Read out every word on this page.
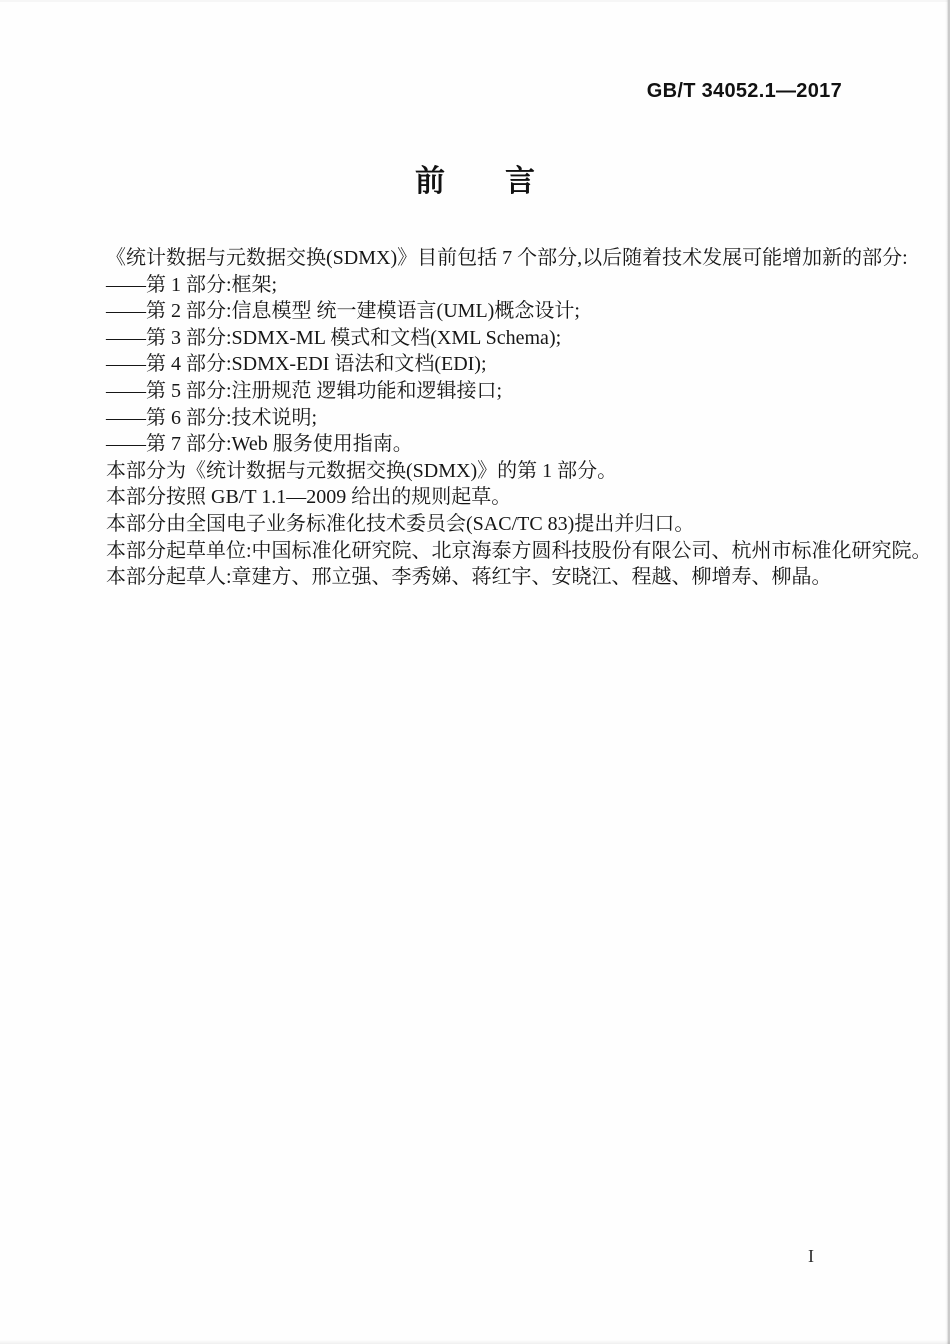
GB/T 34052.1—2017
前　　言

《统计数据与元数据交换(SDMX)》目前包括 7 个部分,以后随着技术发展可能增加新的部分:

——第 1 部分:框架;

——第 2 部分:信息模型 统一建模语言(UML)概念设计;

——第 3 部分:SDMX-ML 模式和文档(XML Schema);

——第 4 部分:SDMX-EDI 语法和文档(EDI);

——第 5 部分:注册规范 逻辑功能和逻辑接口;

——第 6 部分:技术说明;

——第 7 部分:Web 服务使用指南。

本部分为《统计数据与元数据交换(SDMX)》的第 1 部分。

本部分按照 GB/T 1.1—2009 给出的规则起草。

本部分由全国电子业务标准化技术委员会(SAC/TC 83)提出并归口。

本部分起草单位:中国标准化研究院、北京海泰方圆科技股份有限公司、杭州市标准化研究院。

本部分起草人:章建方、邢立强、李秀娣、蒋红宇、安晓江、程越、柳增寿、柳晶。

I
